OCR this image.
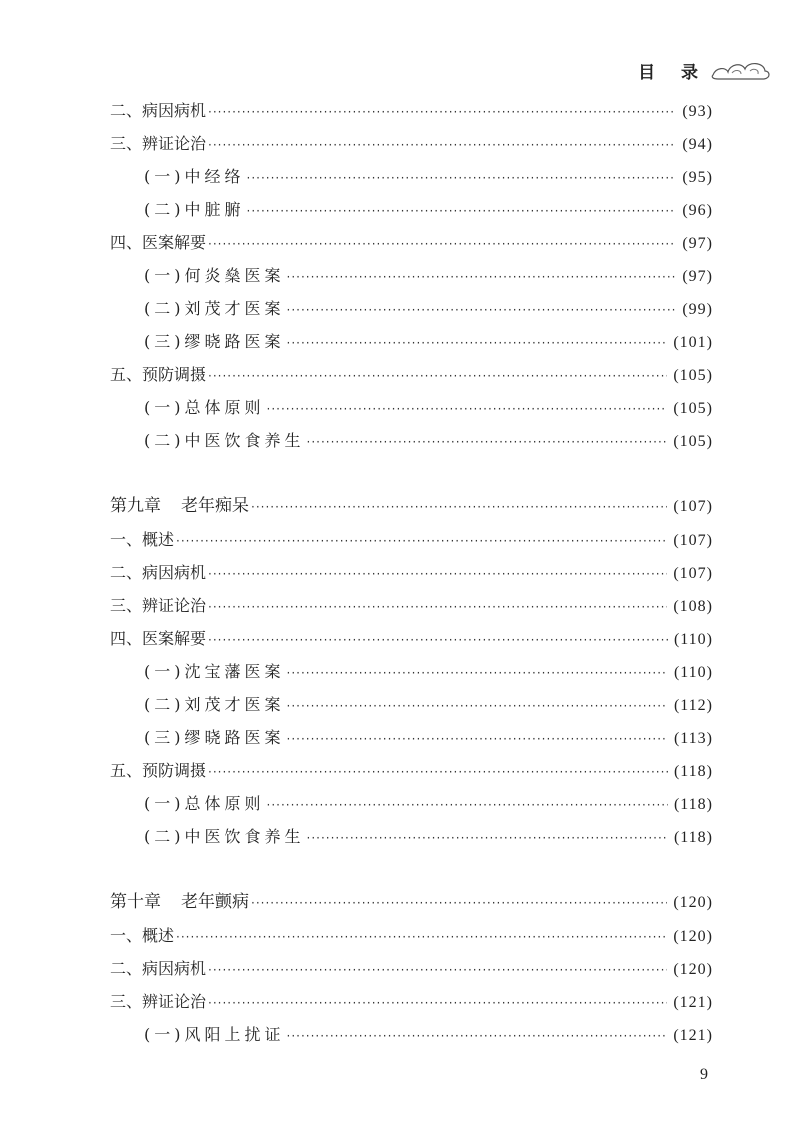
目 录
二、病因病机 ·····	(93)
三、辨证论治 ·····	(94)
(一)中经络 ·····	(95)
(二)中脏腑 ·····	(96)
四、医案解要 ·····	(97)
(一)何炎燊医案 ·····	(97)
(二)刘茂才医案 ·····	(99)
(三)缪晓路医案 ·····	(101)
五、预防调摄 ·····	(105)
(一)总体原则 ·····	(105)
(二)中医饮食养生 ·····	(105)
第九章 老年痴呆 ·····	(107)
一、概述 ·····	(107)
二、病因病机 ·····	(107)
三、辨证论治 ·····	(108)
四、医案解要 ·····	(110)
(一)沈宝藩医案 ·····	(110)
(二)刘茂才医案 ·····	(112)
(三)缪晓路医案 ·····	(113)
五、预防调摄 ·····	(118)
(一)总体原则 ·····	(118)
(二)中医饮食养生 ·····	(118)
第十章 老年颤病 ·····	(120)
一、概述 ·····	(120)
二、病因病机 ·····	(120)
三、辨证论治 ·····	(121)
(一)风阳上扰证 ·····	(121)
9
